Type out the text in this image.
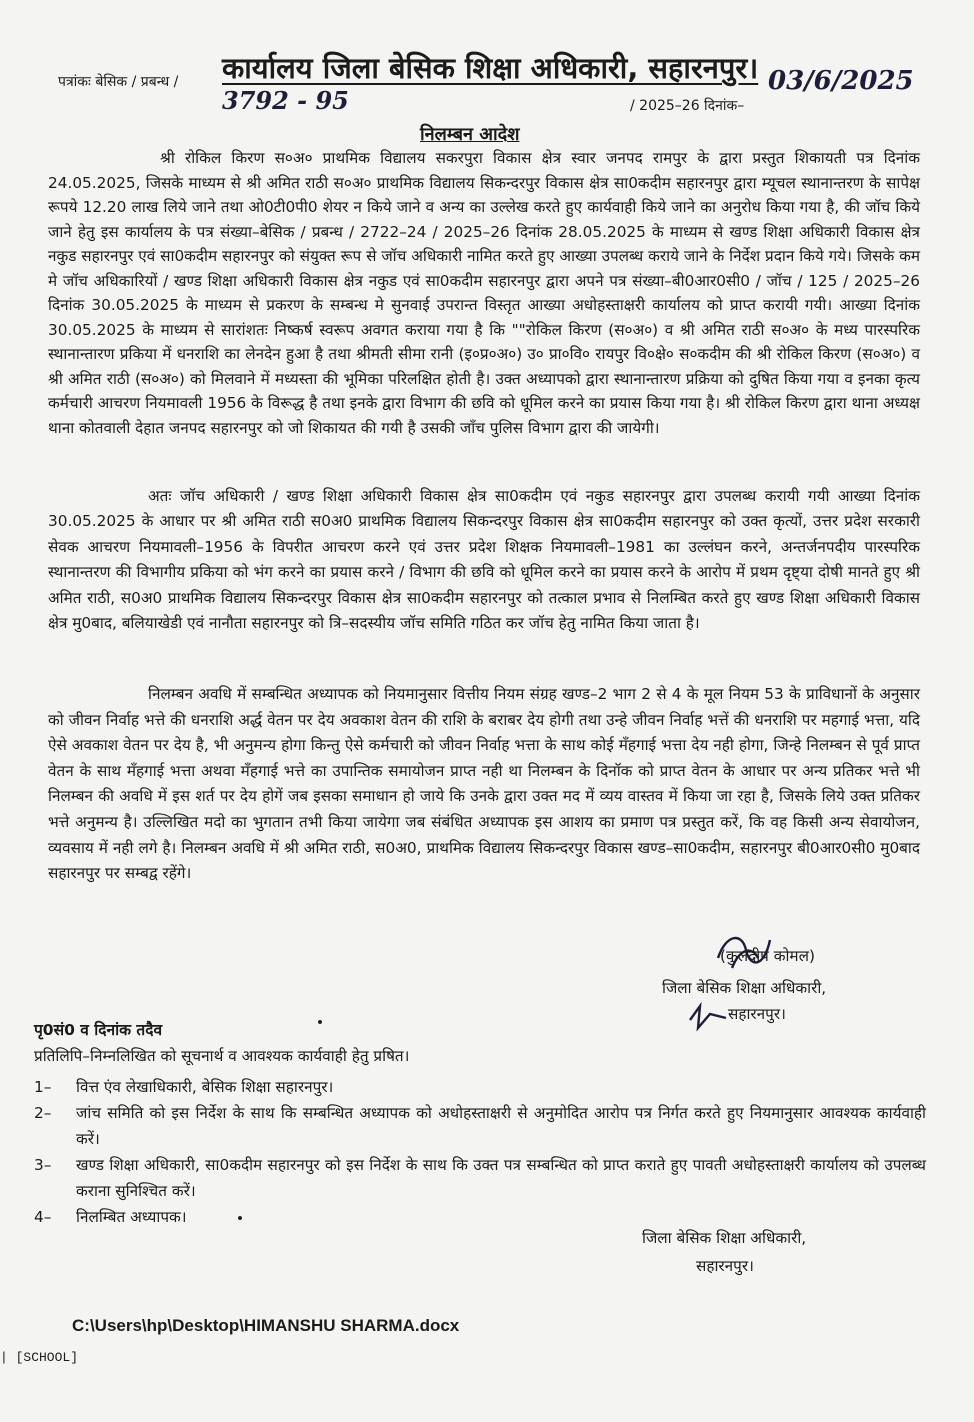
कार्यालय जिला बेसिक शिक्षा अधिकारी, सहारनपुर।
पत्रांकः बेसिक / प्रबन्ध /
3792 - 95	/ 2025–26 दिनांक–
03/6/2025
निलम्बन आदेश

श्री रोकिल किरण स०अ० प्राथमिक विद्यालय सकरपुरा विकास क्षेत्र स्वार जनपद रामपुर के द्वारा प्रस्तुत शिकायती पत्र दिनांक 24.05.2025, जिसके माध्यम से श्री अमित राठी स०अ० प्राथमिक विद्यालय सिकन्दरपुर विकास क्षेत्र सा0कदीम सहारनपुर द्वारा म्यूचल स्थानान्तरण के सापेक्ष रूपये 12.20 लाख लिये जाने तथा ओ0टी0पी0 शेयर न किये जाने व अन्य का उल्लेख करते हुए कार्यवाही किये जाने का अनुरोध किया गया है, की जॉच किये जाने हेतु इस कार्यालय के पत्र संख्या–बेसिक / प्रबन्ध / 2722–24 / 2025–26 दिनांक 28.05.2025 के माध्यम से खण्ड शिक्षा अधिकारी विकास क्षेत्र नकुड सहारनपुर एवं सा0कदीम सहारनपुर को संयुक्त रूप से जॉच अधिकारी नामित करते हुए आख्या उपलब्ध कराये जाने के निर्देश प्रदान किये गये। जिसके कम मे जॉच अधिकारियों / खण्ड शिक्षा अधिकारी विकास क्षेत्र नकुड एवं सा0कदीम सहारनपुर द्वारा अपने पत्र संख्या–बी0आर0सी0 / जॉच / 125 / 2025–26 दिनांक 30.05.2025 के माध्यम से प्रकरण के सम्बन्ध मे सुनवाई उपरान्त विस्तृत आख्या अधोहस्ताक्षरी कार्यालय को प्राप्त करायी गयी। आख्या दिनांक 30.05.2025 के माध्यम से सारांशतः निष्कर्ष स्वरूप अवगत कराया गया है कि ""रोकिल किरण (स०अ०) व श्री अमित राठी स०अ० के मध्य पारस्परिक स्थानान्तारण प्रकिया में धनराशि का लेनदेन हुआ है तथा श्रीमती सीमा रानी (इ०प्र०अ०) उ० प्रा०वि० रायपुर वि०क्षे० स०कदीम की श्री रोकिल किरण (स०अ०) व श्री अमित राठी (स०अ०) को मिलवाने में मध्यस्ता की भूमिका परिलक्षित होती है। उक्त अध्यापको द्वारा स्थानान्तारण प्रक्रिया को दुषित किया गया व इनका कृत्य कर्मचारी आचरण नियमावली 1956 के विरूद्ध है तथा इनके द्वारा विभाग की छवि को धूमिल करने का प्रयास किया गया है। श्री रोकिल किरण द्वारा थाना अध्यक्ष थाना कोतवाली देहात जनपद सहारनपुर को जो शिकायत की गयी है उसकी जाँच पुलिस विभाग द्वारा की जायेगी।

अतः जॉच अधिकारी / खण्ड शिक्षा अधिकारी विकास क्षेत्र सा0कदीम एवं नकुड सहारनपुर द्वारा उपलब्ध करायी गयी आख्या दिनांक 30.05.2025 के आधार पर श्री अमित राठी स0अ0 प्राथमिक विद्यालय सिकन्दरपुर विकास क्षेत्र सा0कदीम सहारनपुर को उक्त कृत्यों, उत्तर प्रदेश सरकारी सेवक आचरण नियमावली–1956 के विपरीत आचरण करने एवं उत्तर प्रदेश शिक्षक नियमावली–1981 का उल्लंघन करने, अन्तर्जनपदीय पारस्परिक स्थानान्तरण की विभागीय प्रकिया को भंग करने का प्रयास करने / विभाग की छवि को धूमिल करने का प्रयास करने के आरोप में प्रथम दृष्ट्या दोषी मानते हुए श्री अमित राठी, स0अ0 प्राथमिक विद्यालय सिकन्दरपुर विकास क्षेत्र सा0कदीम सहारनपुर को तत्काल प्रभाव से निलम्बित करते हुए खण्ड शिक्षा अधिकारी विकास क्षेत्र मु0बाद, बलियाखेडी एवं नानौता सहारनपुर को त्रि–सदस्यीय जॉच समिति गठित कर जॉच हेतु नामित किया जाता है।

निलम्बन अवधि में सम्बन्धित अध्यापक को नियमानुसार वित्तीय नियम संग्रह खण्ड–2 भाग 2 से 4 के मूल नियम 53 के प्राविधानों के अनुसार को जीवन निर्वाह भत्ते की धनराशि अर्द्ध वेतन पर देय अवकाश वेतन की राशि के बराबर देय होगी तथा उन्हे जीवन निर्वाह भत्तें की धनराशि पर महगाई भत्ता, यदि ऐसे अवकाश वेतन पर देय है, भी अनुमन्य होगा किन्तु ऐसे कर्मचारी को जीवन निर्वाह भत्ता के साथ कोई मँहगाई भत्ता देय नही होगा, जिन्हे निलम्बन से पूर्व प्राप्त वेतन के साथ मँहगाई भत्ता अथवा मँहगाई भत्ते का उपान्तिक समायोजन प्राप्त नही था निलम्बन के दिनॉक को प्राप्त वेतन के आधार पर अन्य प्रतिकर भत्ते भी निलम्बन की अवधि में इस शर्त पर देय होगें जब इसका समाधान हो जाये कि उनके द्वारा उक्त मद में व्यय वास्तव में किया जा रहा है, जिसके लिये उक्त प्रतिकर भत्ते अनुमन्य है। उल्लिखित मदो का भुगतान तभी किया जायेगा जब संबंधित अध्यापक इस आशय का प्रमाण पत्र प्रस्तुत करें, कि वह किसी अन्य सेवायोजन, व्यवसाय में नही लगे है। निलम्बन अवधि में श्री अमित राठी, स0अ0, प्राथमिक विद्यालय सिकन्दरपुर विकास खण्ड–सा0कदीम, सहारनपुर बी0आर0सी0 मु0बाद सहारनपुर पर सम्बद्व रहेंगे।

(कुलदीप कोमल)
जिला बेसिक शिक्षा अधिकारी,
सहारनपुर।
पृ0सं0 व दिनांक तदैव
प्रतिलिपि–निम्नलिखित को सूचनार्थ व आवश्यक कार्यवाही हेतु प्रषित।
1–	वित्त एंव लेखाधिकारी, बेसिक शिक्षा सहारनपुर।
2–	जांच समिति को इस निर्देश के साथ कि सम्बन्धित अध्यापक को अधोहस्ताक्षरी से अनुमोदित आरोप पत्र निर्गत करते हुए नियमानुसार आवश्यक कार्यवाही करें।
3–	खण्ड शिक्षा अधिकारी, सा0कदीम सहारनपुर को इस निर्देश के साथ कि उक्त पत्र सम्बन्धित को प्राप्त कराते हुए पावती अधोहस्ताक्षरी कार्यालय को उपलब्ध कराना सुनिश्चित करें।
4–	निलम्बित अध्यापक।
जिला बेसिक शिक्षा अधिकारी,
सहारनपुर।
C:\Users\hp\Desktop\HIMANSHU SHARMA.docx
| [SCHOOL]
